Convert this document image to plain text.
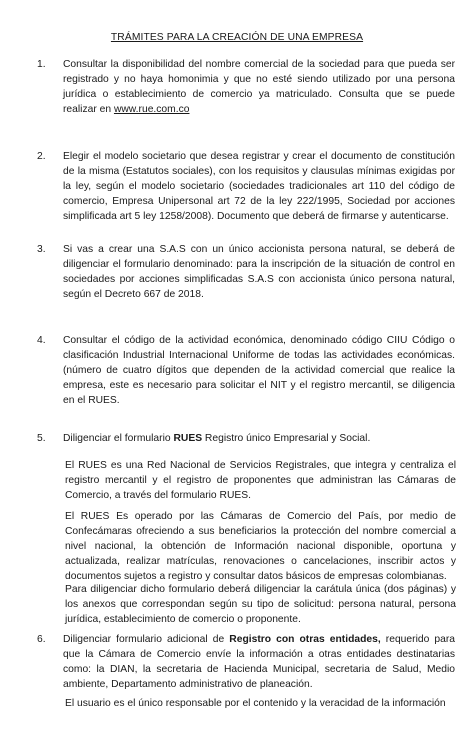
TRÁMITES PARA LA CREACIÓN DE UNA EMPRESA
1.	Consultar la disponibilidad del nombre comercial de la sociedad para que pueda ser registrado y no haya homonimia y que no esté siendo utilizado por una persona jurídica o establecimiento de comercio ya matriculado. Consulta que se puede realizar en www.rue.com.co
2.	Elegir el modelo societario que desea registrar y crear el documento de constitución de la misma (Estatutos sociales), con los requisitos y clausulas mínimas exigidas por la ley, según el modelo societario (sociedades tradicionales art 110 del código de comercio, Empresa Unipersonal art 72 de la ley 222/1995, Sociedad por acciones simplificada art 5 ley 1258/2008). Documento que deberá de firmarse y autenticarse.
3.	Si vas a crear una S.A.S con un único accionista persona natural, se deberá de diligenciar el formulario denominado: para la inscripción de la situación de control en sociedades por acciones simplificadas S.A.S con accionista único persona natural, según el Decreto 667 de 2018.
4.	Consultar el código de la actividad económica, denominado código CIIU Código o clasificación Industrial Internacional Uniforme de todas las actividades económicas. (número de cuatro dígitos que dependen de la actividad comercial que realice la empresa, este es necesario para solicitar el NIT y el registro mercantil, se diligencia en el RUES.
5.	Diligenciar el formulario RUES Registro único Empresarial y Social.
El RUES es una Red Nacional de Servicios Registrales, que integra y centraliza el registro mercantil y el registro de proponentes que administran las Cámaras de Comercio, a través del formulario RUES.
El RUES Es operado por las Cámaras de Comercio del País, por medio de Confecámaras ofreciendo a sus beneficiarios la protección del nombre comercial a nivel nacional, la obtención de Información nacional disponible, oportuna y actualizada, realizar matrículas, renovaciones o cancelaciones, inscribir actos y documentos sujetos a registro y consultar datos básicos de empresas colombianas.
Para diligenciar dicho formulario deberá diligenciar la carátula única (dos páginas) y los anexos que correspondan según su tipo de solicitud: persona natural, persona jurídica, establecimiento de comercio o proponente.
6.	Diligenciar formulario adicional de Registro con otras entidades, requerido para que la Cámara de Comercio envíe la información a otras entidades destinatarias como: la DIAN, la secretaria de Hacienda Municipal, secretaria de Salud, Medio ambiente, Departamento administrativo de planeación.
El usuario es el único responsable por el contenido y la veracidad de la información
